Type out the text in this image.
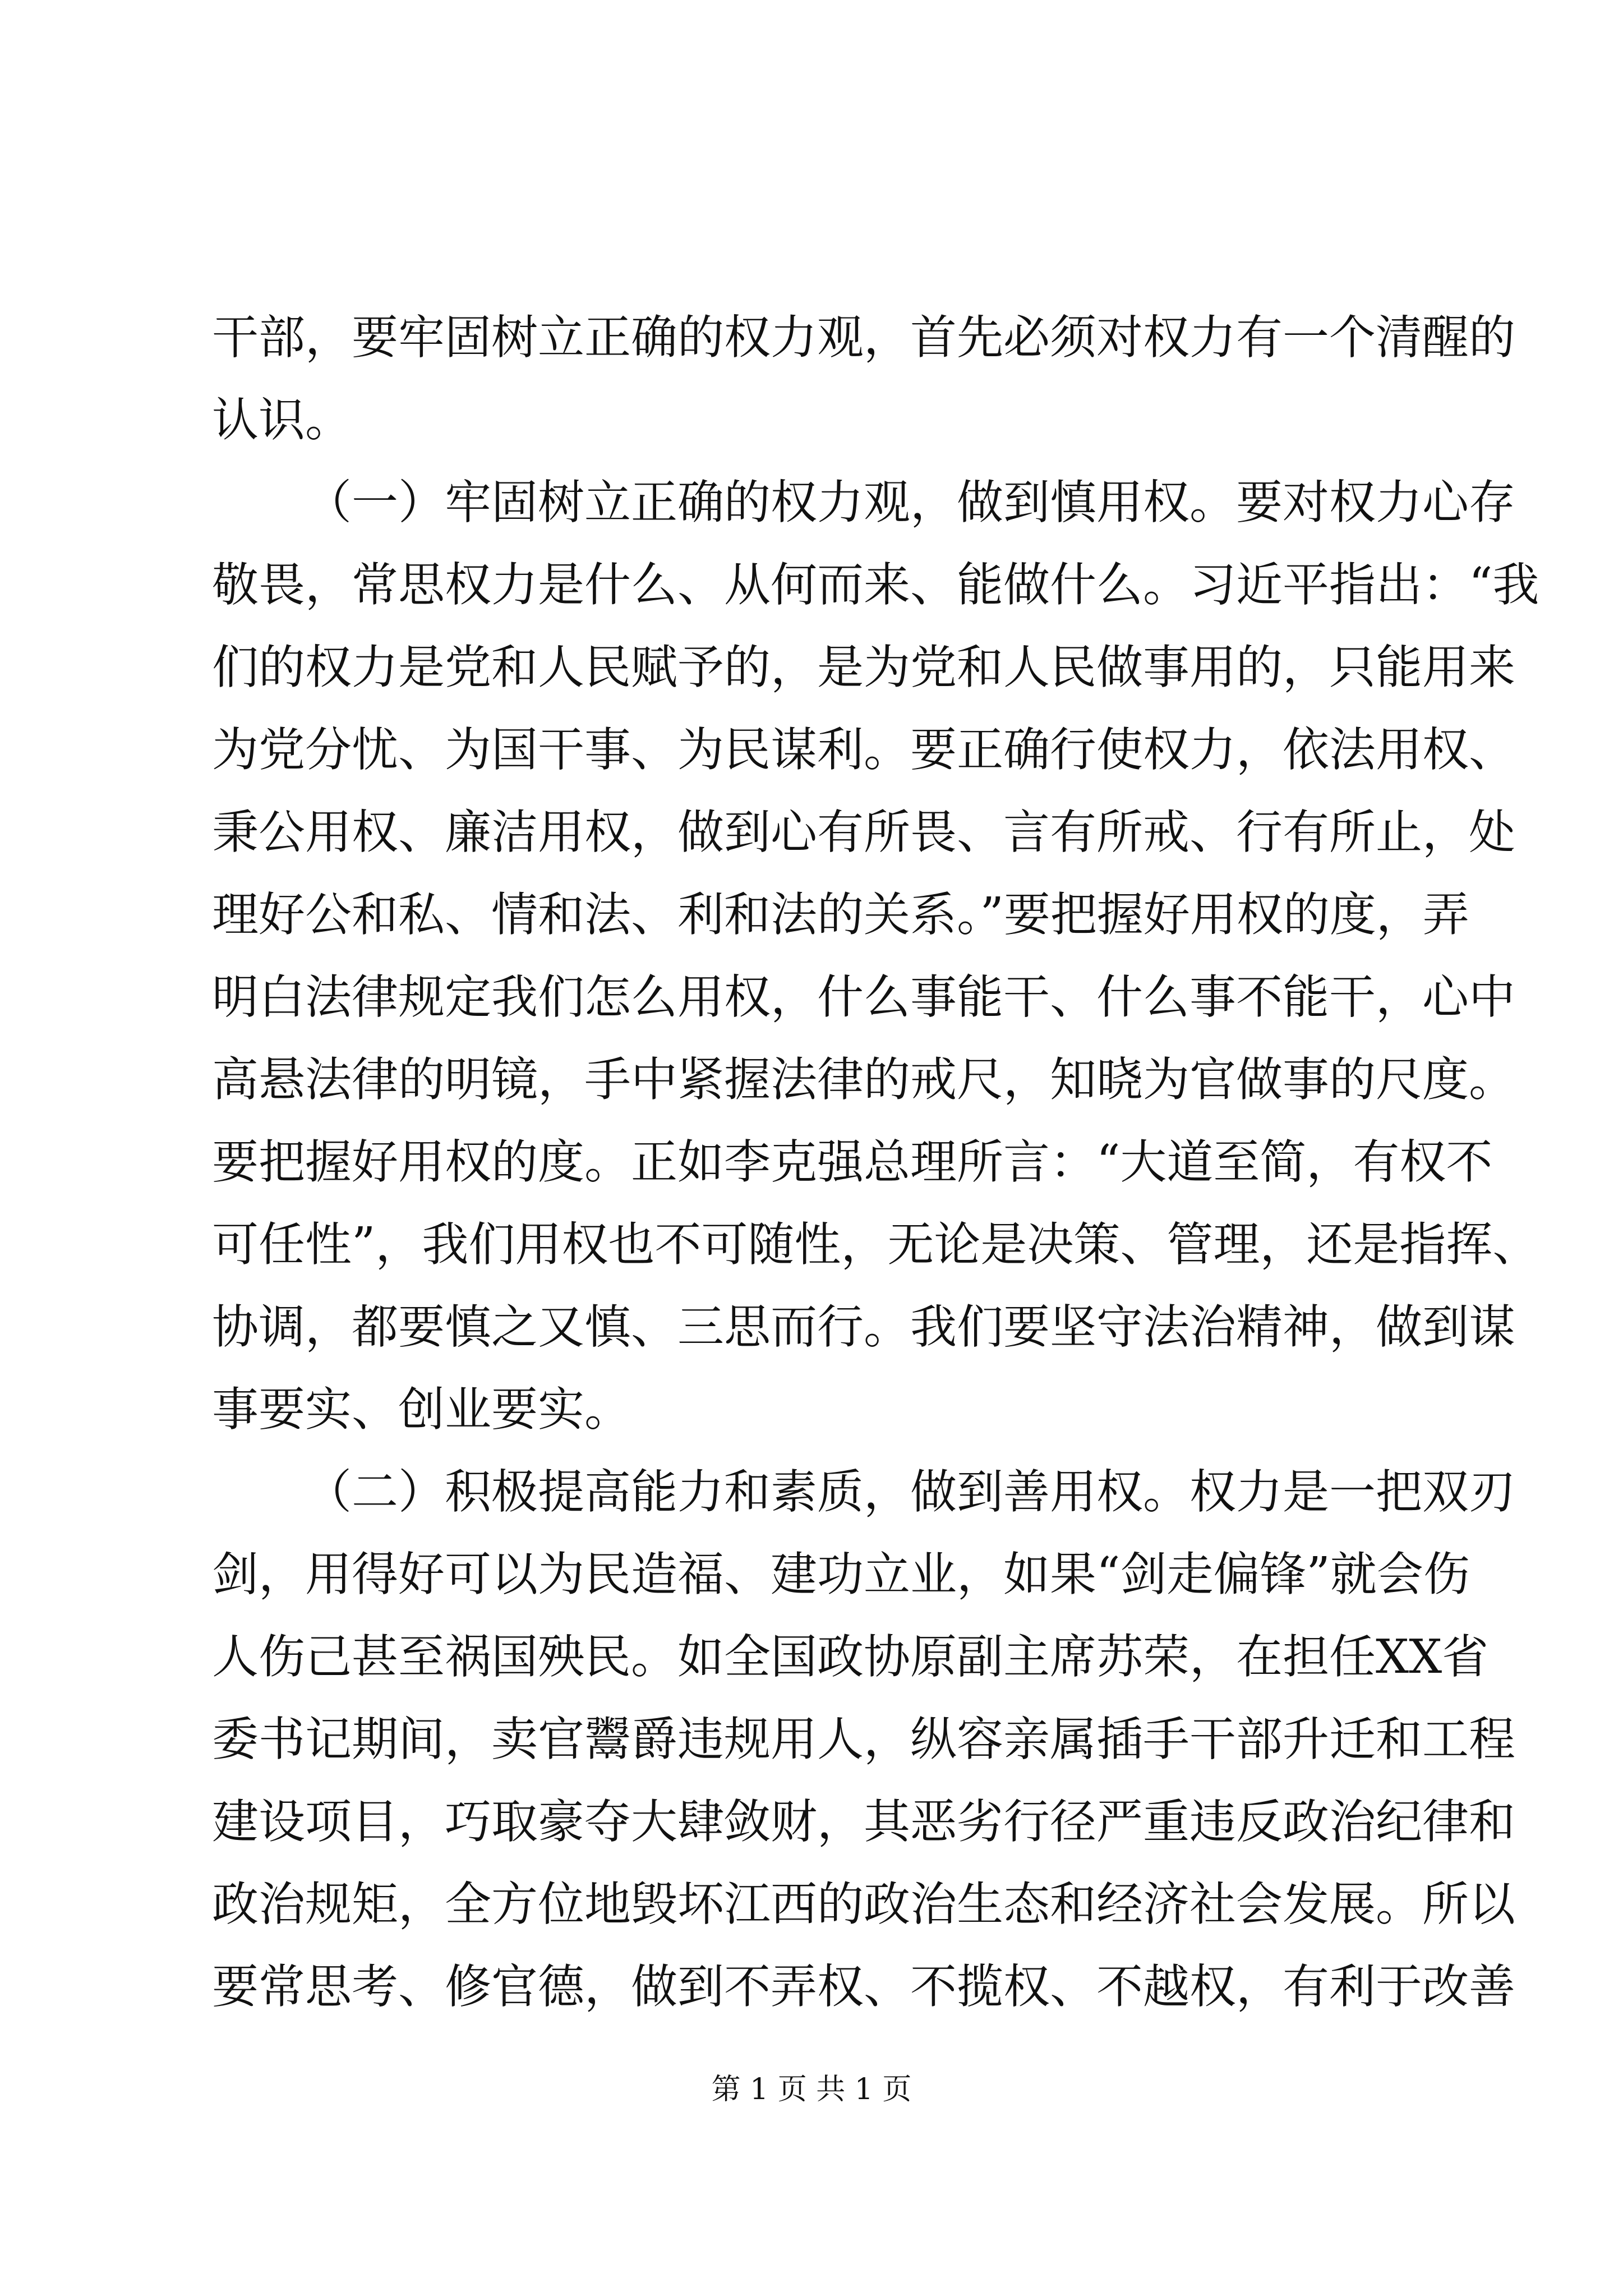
干部，要牢固树立正确的权力观，首先必须对权力有一个清醒的
认识。
（一）牢固树立正确的权力观，做到慎用权。要对权力心存
敬畏，常思权力是什么、从何而来、能做什么。习近平指出：“我
们的权力是党和人民赋予的，是为党和人民做事用的，只能用来
为党分忧、为国干事、为民谋利。要正确行使权力，依法用权、
秉公用权、廉洁用权，做到心有所畏、言有所戒、行有所止，处
理好公和私、情和法、利和法的关系。”要把握好用权的度，弄
明白法律规定我们怎么用权，什么事能干、什么事不能干，心中
高悬法律的明镜，手中紧握法律的戒尺，知晓为官做事的尺度。
要把握好用权的度。正如李克强总理所言：“大道至简，有权不
可任性”，我们用权也不可随性，无论是决策、管理，还是指挥、
协调，都要慎之又慎、三思而行。我们要坚守法治精神，做到谋
事要实、创业要实。
（二）积极提高能力和素质，做到善用权。权力是一把双刃
剑，用得好可以为民造福、建功立业，如果“剑走偏锋”就会伤
人伤己甚至祸国殃民。如全国政协原副主席苏荣，在担任XX省
委书记期间，卖官鬻爵违规用人，纵容亲属插手干部升迁和工程
建设项目，巧取豪夺大肆敛财，其恶劣行径严重违反政治纪律和
政治规矩，全方位地毁坏江西的政治生态和经济社会发展。所以
要常思考、修官德，做到不弄权、不揽权、不越权，有利于改善
第 1 页 共 1 页
